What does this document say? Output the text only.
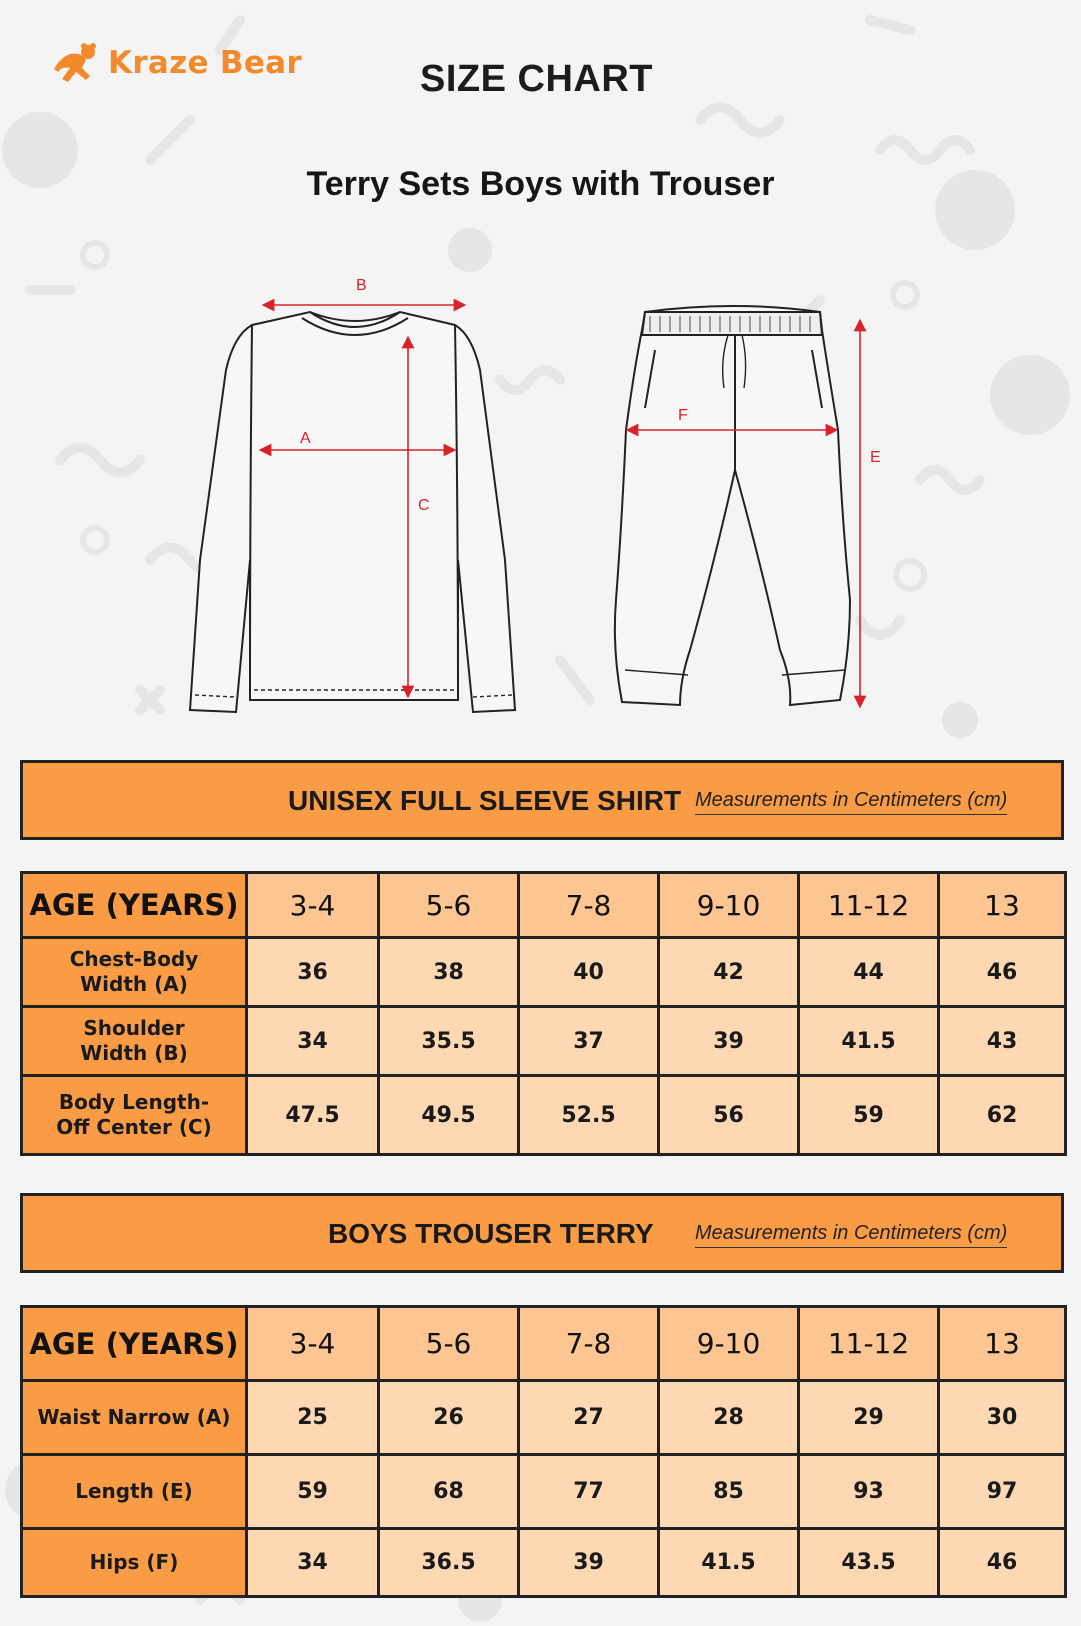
Kraze Bear	SIZE CHART
Terry Sets Boys with Trouser
B
A
C
F
E
UNISEX FULL SLEEVE SHIRT Measurements in Centimeters (cm)
AGE (YEARS)	3-4	5-6	7-8	9-10	11-12	13
Chest-Body
Width (A)	36	38	40	42	44	46
Shoulder
Width (B)	34	35.5	37	39	41.5	43
Body Length-
Off Center (C)	47.5	49.5	52.5	56	59	62
BOYS TROUSER TERRY Measurements in Centimeters (cm)
AGE (YEARS)	3-4	5-6	7-8	9-10	11-12	13
Waist Narrow (A)	25	26	27	28	29	30
Length (E)	59	68	77	85	93	97
Hips (F)	34	36.5	39	41.5	43.5	46
